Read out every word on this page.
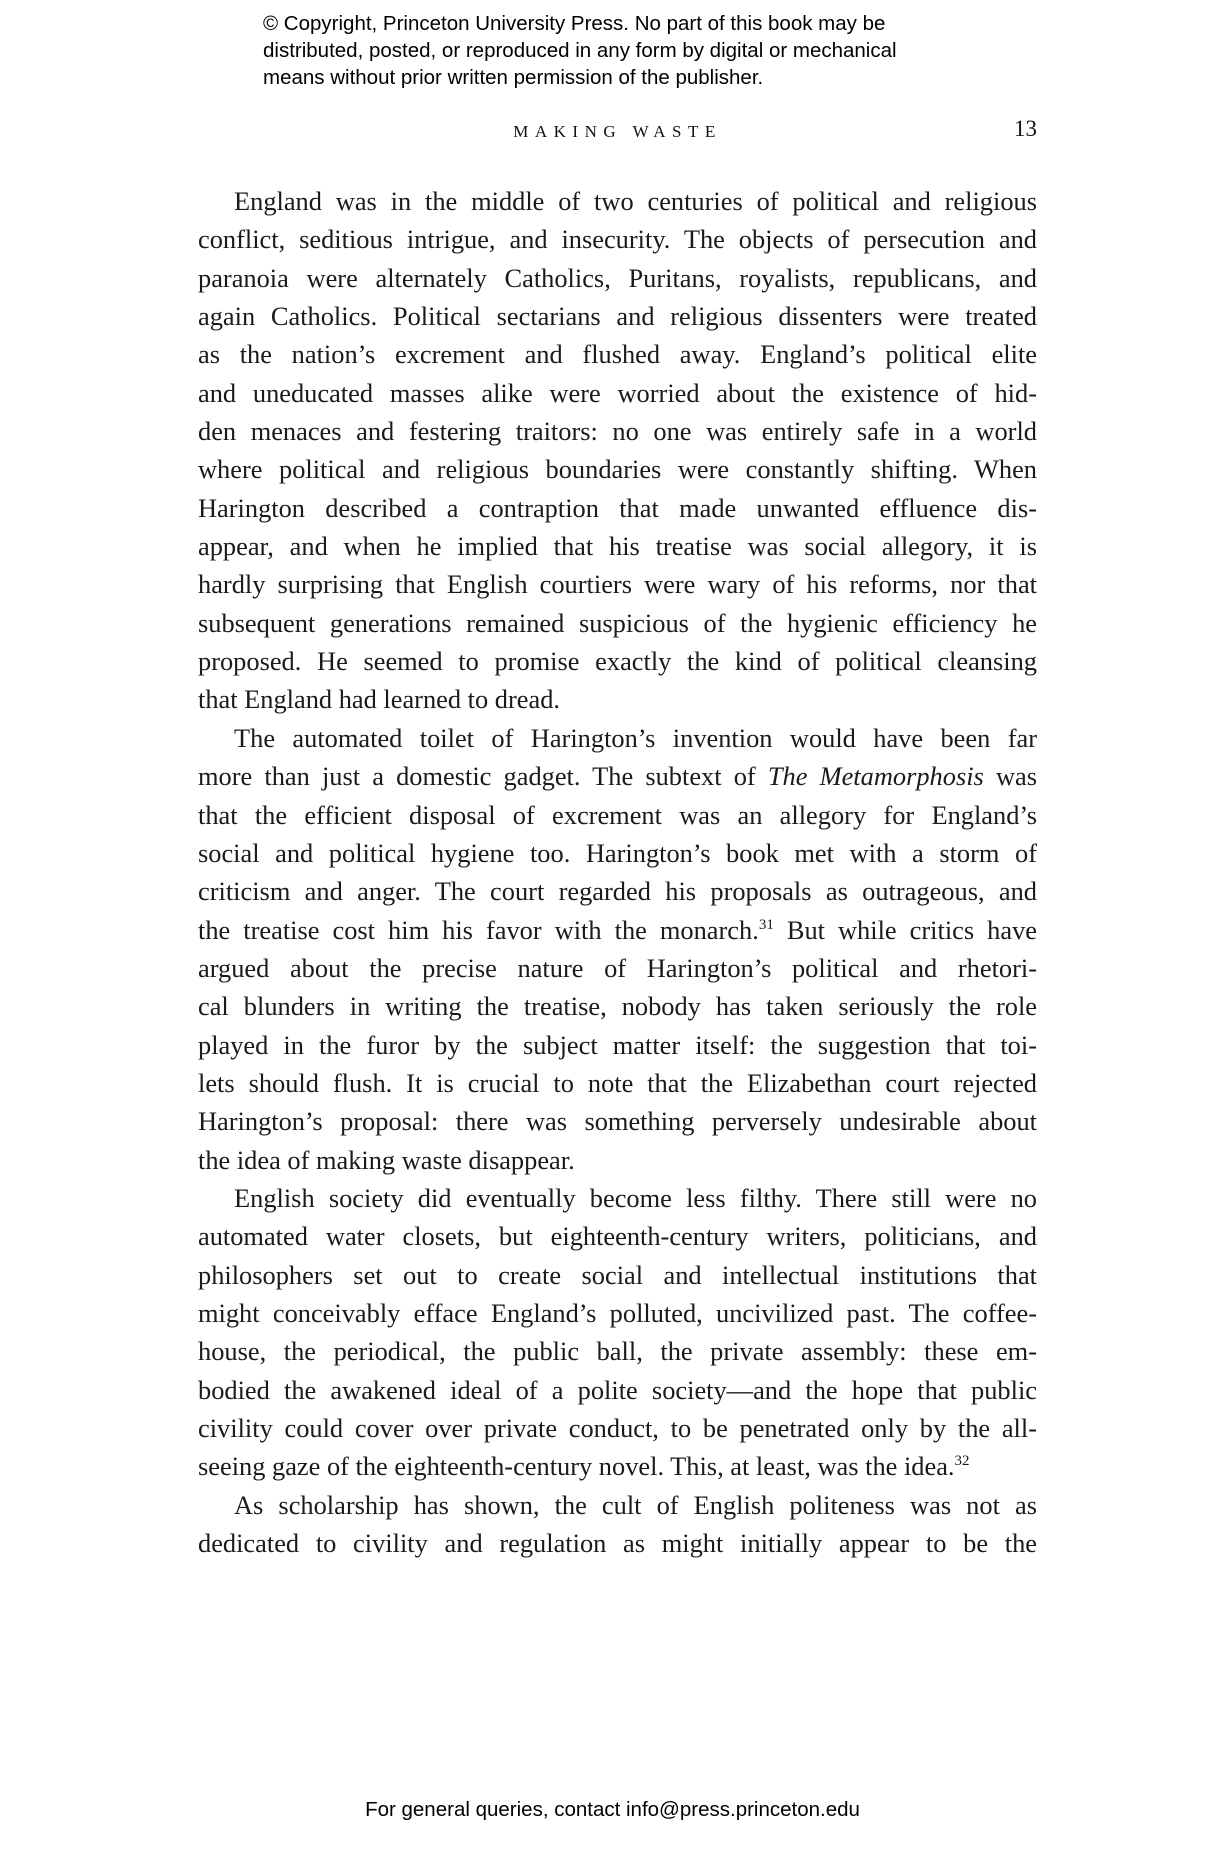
© Copyright, Princeton University Press. No part of this book may be
distributed, posted, or reproduced in any form by digital or mechanical
means without prior written permission of the publisher.
MAKING WASTE	13
England was in the middle of two centuries of political and religious
conflict, seditious intrigue, and insecurity. The objects of persecution and
paranoia were alternately Catholics, Puritans, royalists, republicans, and
again Catholics. Political sectarians and religious dissenters were treated
as the nation’s excrement and flushed away. England’s political elite
and uneducated masses alike were worried about the existence of hid-
den menaces and festering traitors: no one was entirely safe in a world
where political and religious boundaries were constantly shifting. When
Harington described a contraption that made unwanted effluence dis-
appear, and when he implied that his treatise was social allegory, it is
hardly surprising that English courtiers were wary of his reforms, nor that
subsequent generations remained suspicious of the hygienic efficiency he
proposed. He seemed to promise exactly the kind of political cleansing
that England had learned to dread.
The automated toilet of Harington’s invention would have been far
more than just a domestic gadget. The subtext of The Metamorphosis was
that the efficient disposal of excrement was an allegory for England’s
social and political hygiene too. Harington’s book met with a storm of
criticism and anger. The court regarded his proposals as outrageous, and
the treatise cost him his favor with the monarch.$^{31}$ But while critics have
argued about the precise nature of Harington’s political and rhetori-
cal blunders in writing the treatise, nobody has taken seriously the role
played in the furor by the subject matter itself: the suggestion that toi-
lets should flush. It is crucial to note that the Elizabethan court rejected
Harington’s proposal: there was something perversely undesirable about
the idea of making waste disappear.
English society did eventually become less filthy. There still were no
automated water closets, but eighteenth-century writers, politicians, and
philosophers set out to create social and intellectual institutions that
might conceivably efface England’s polluted, uncivilized past. The coffee-
house, the periodical, the public ball, the private assembly: these em-
bodied the awakened ideal of a polite society—and the hope that public
civility could cover over private conduct, to be penetrated only by the all-
seeing gaze of the eighteenth-century novel. This, at least, was the idea.$^{32}$
As scholarship has shown, the cult of English politeness was not as
dedicated to civility and regulation as might initially appear to be the
For general queries, contact info@press.princeton.edu
